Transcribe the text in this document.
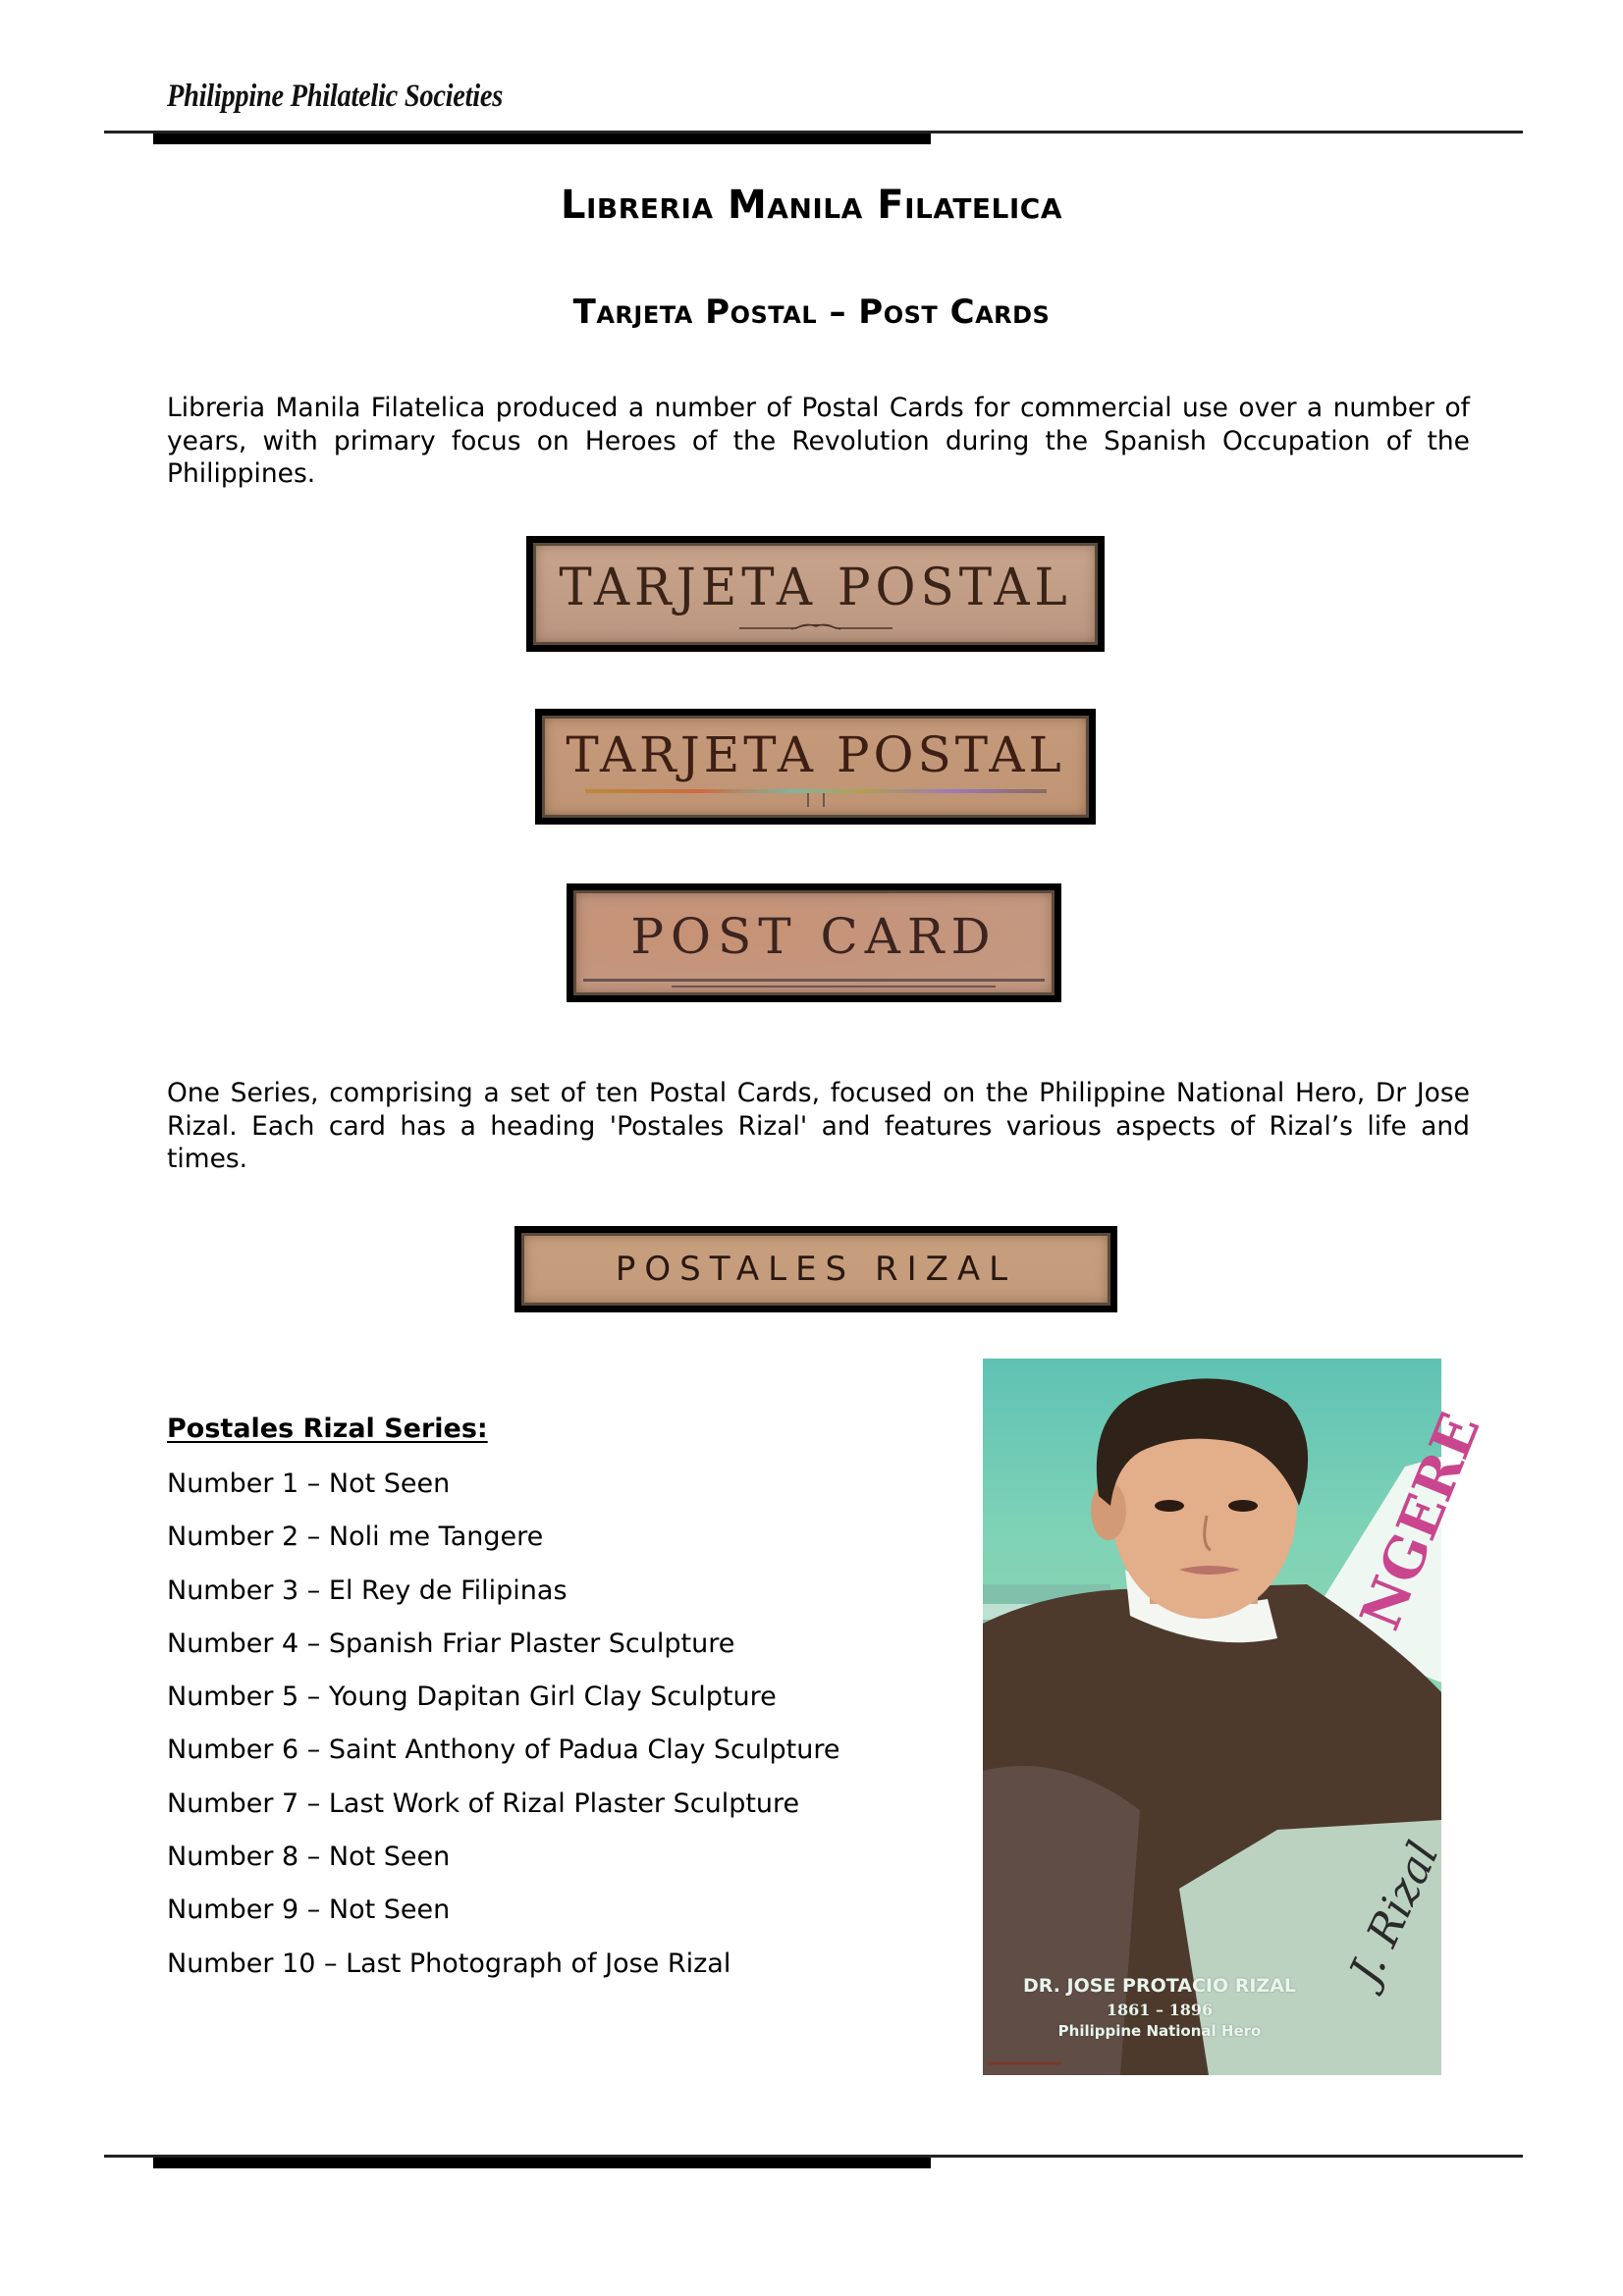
Philippine Philatelic Societies
Libreria Manila Filatelica
Tarjeta Postal – Post Cards
Libreria Manila Filatelica produced a number of Postal Cards for commercial use over a number of years, with primary focus on Heroes of the Revolution during the Spanish Occupation of the Philippines.
TARJETA POSTAL
TARJETA POSTAL
POST CARD
One Series, comprising a set of ten Postal Cards, focused on the Philippine National Hero, Dr Jose Rizal. Each card has a heading 'Postales Rizal' and features various aspects of Rizal’s life and times.
POSTALES RIZAL
Postales Rizal Series:
Number 1 – Not Seen
Number 2 – Noli me Tangere
Number 3 – El Rey de Filipinas
Number 4 – Spanish Friar Plaster Sculpture
Number 5 – Young Dapitan Girl Clay Sculpture
Number 6 – Saint Anthony of Padua Clay Sculpture
Number 7 – Last Work of Rizal Plaster Sculpture
Number 8 – Not Seen
Number 9 – Not Seen
Number 10 – Last Photograph of Jose Rizal
NGERE
J. Rizal
DR. JOSE PROTACIO RIZAL
1861 – 1896
Philippine National Hero
